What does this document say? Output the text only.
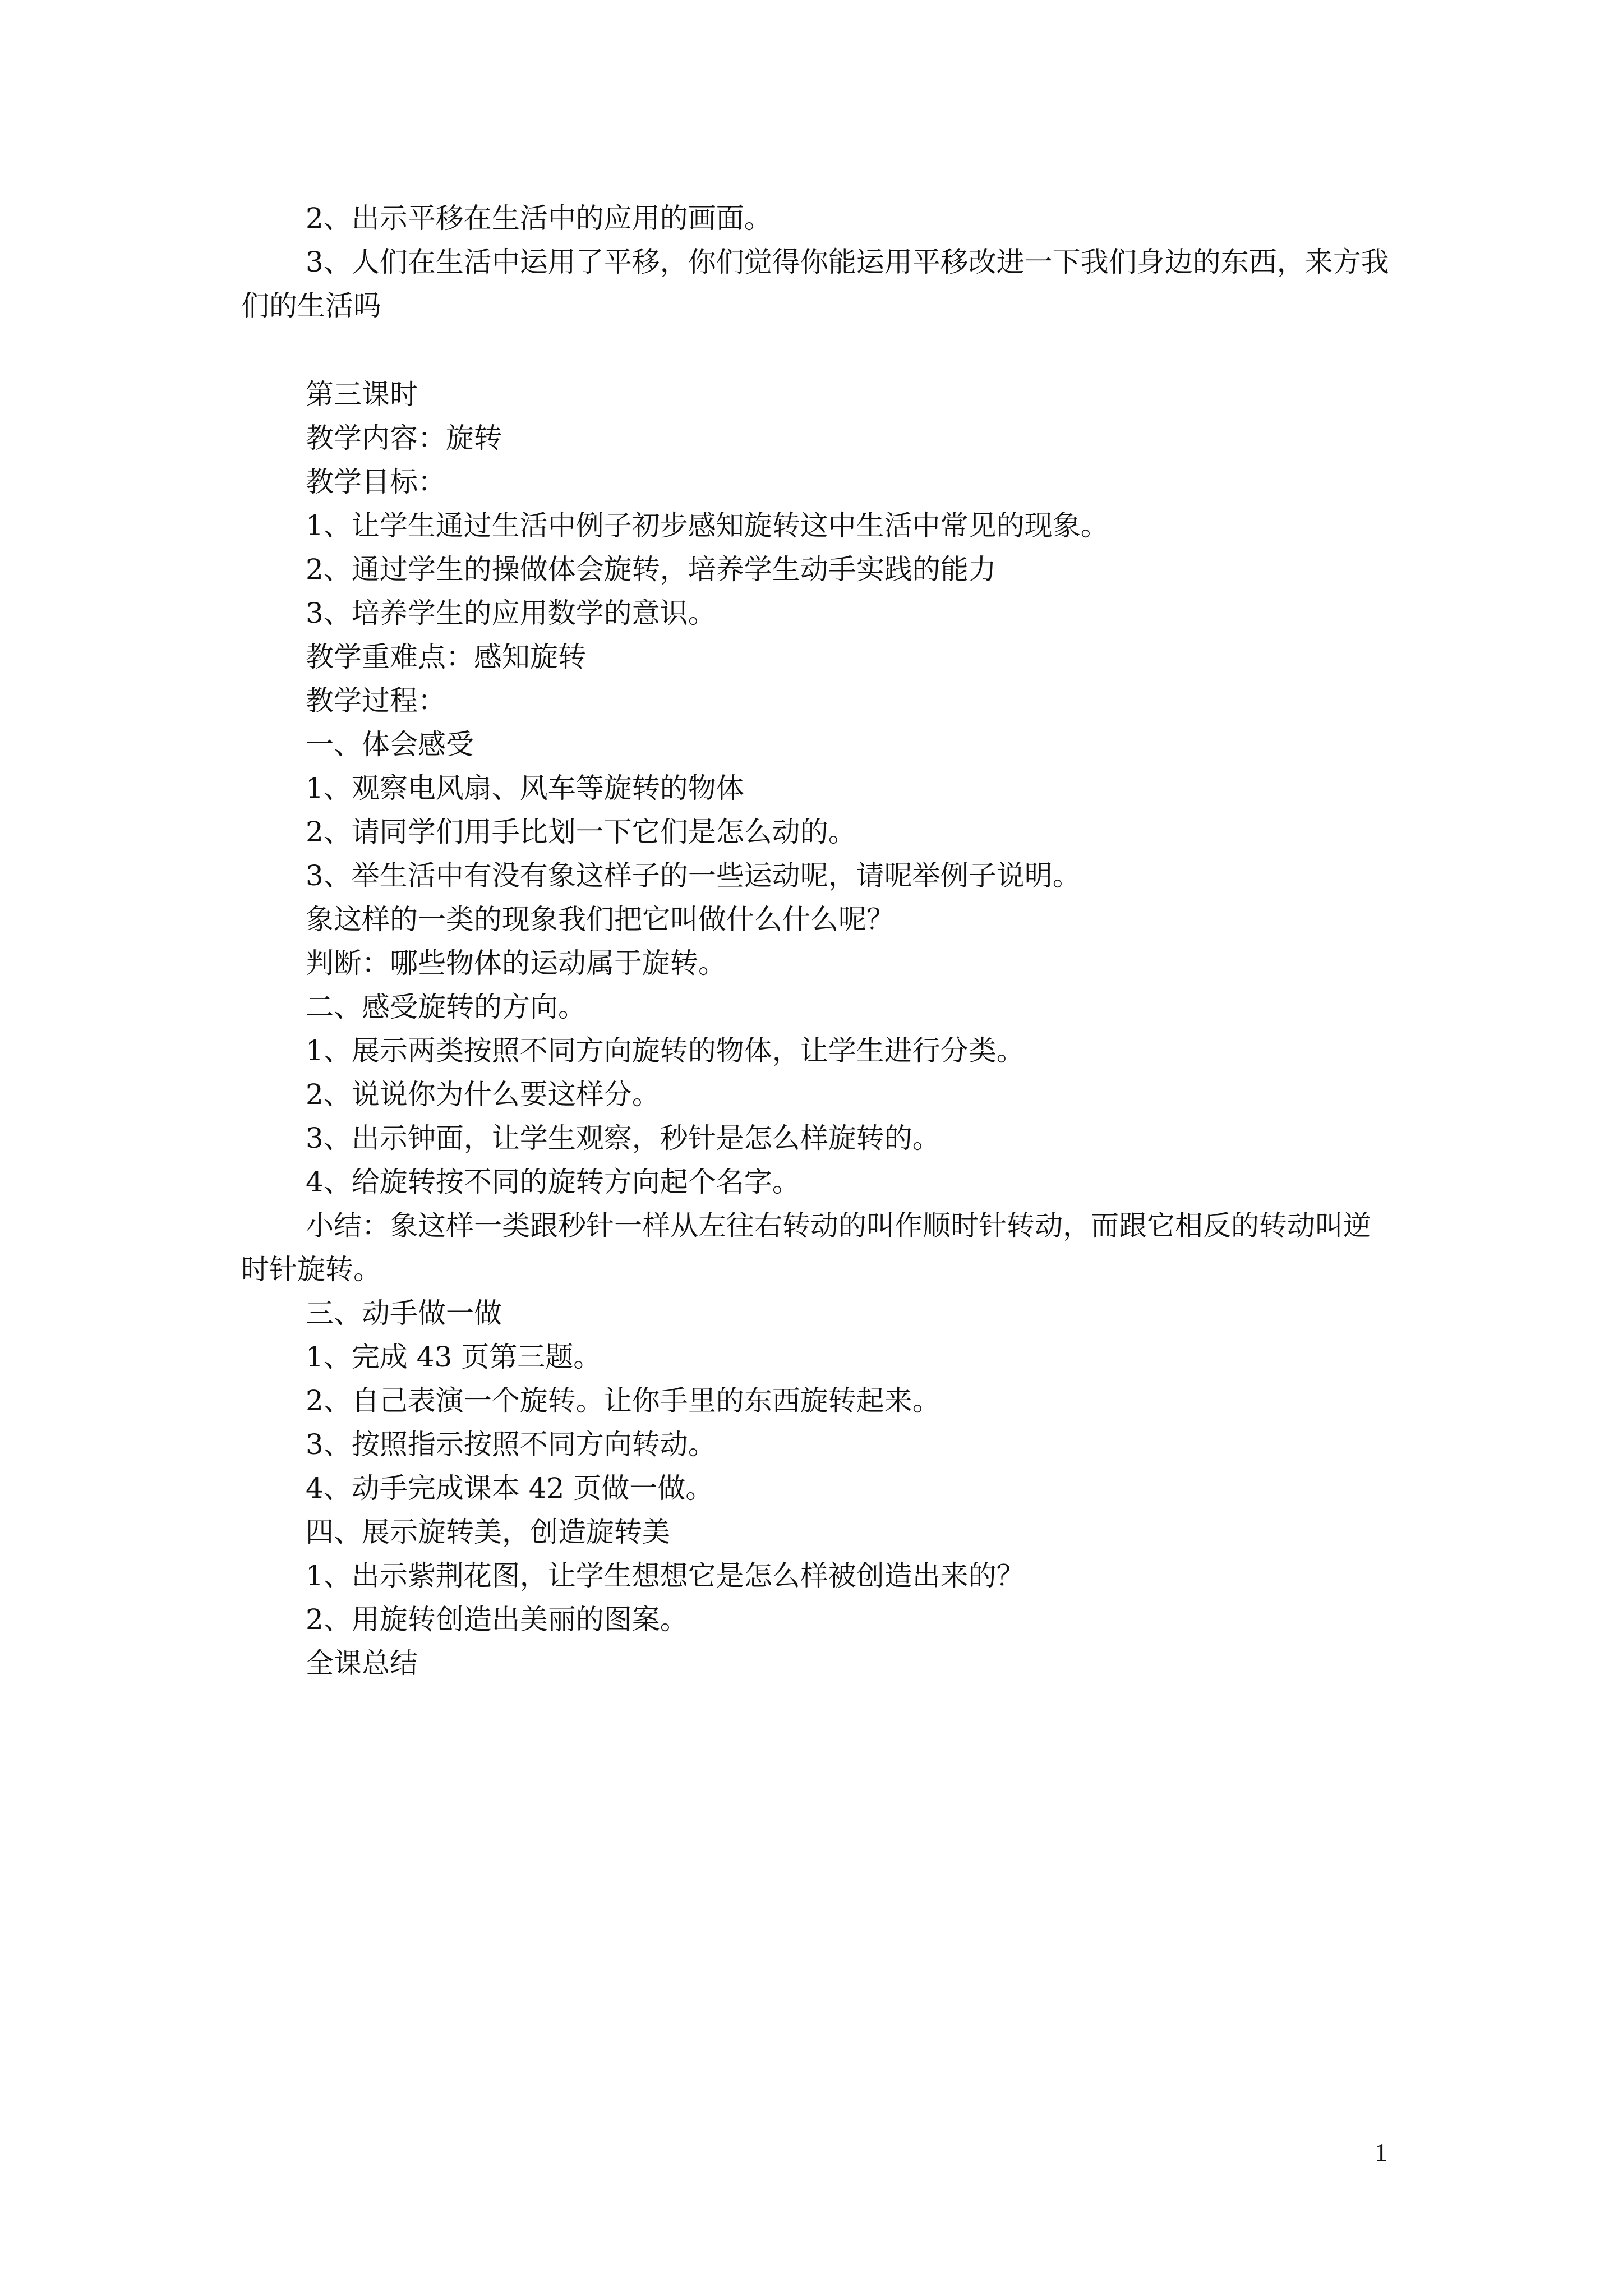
2、出示平移在生活中的应用的画面。

3、人们在生活中运用了平移，你们觉得你能运用平移改进一下我们身边的东西，来方我们的生活吗

第三课时

教学内容：旋转

教学目标：

1、让学生通过生活中例子初步感知旋转这中生活中常见的现象。

2、通过学生的操做体会旋转，培养学生动手实践的能力

3、培养学生的应用数学的意识。

教学重难点：感知旋转

教学过程：

一、体会感受

1、观察电风扇、风车等旋转的物体

2、请同学们用手比划一下它们是怎么动的。

3、举生活中有没有象这样子的一些运动呢，请呢举例子说明。

象这样的一类的现象我们把它叫做什么什么呢？

判断：哪些物体的运动属于旋转。

二、感受旋转的方向。

1、展示两类按照不同方向旋转的物体，让学生进行分类。

2、说说你为什么要这样分。

3、出示钟面，让学生观察，秒针是怎么样旋转的。

4、给旋转按不同的旋转方向起个名字。

小结：象这样一类跟秒针一样从左往右转动的叫作顺时针转动，而跟它相反的转动叫逆时针旋转。

三、动手做一做

1、完成 43 页第三题。

2、自己表演一个旋转。让你手里的东西旋转起来。

3、按照指示按照不同方向转动。

4、动手完成课本 42 页做一做。

四、展示旋转美，创造旋转美

1、出示紫荆花图，让学生想想它是怎么样被创造出来的？

2、用旋转创造出美丽的图案。

全课总结

1
